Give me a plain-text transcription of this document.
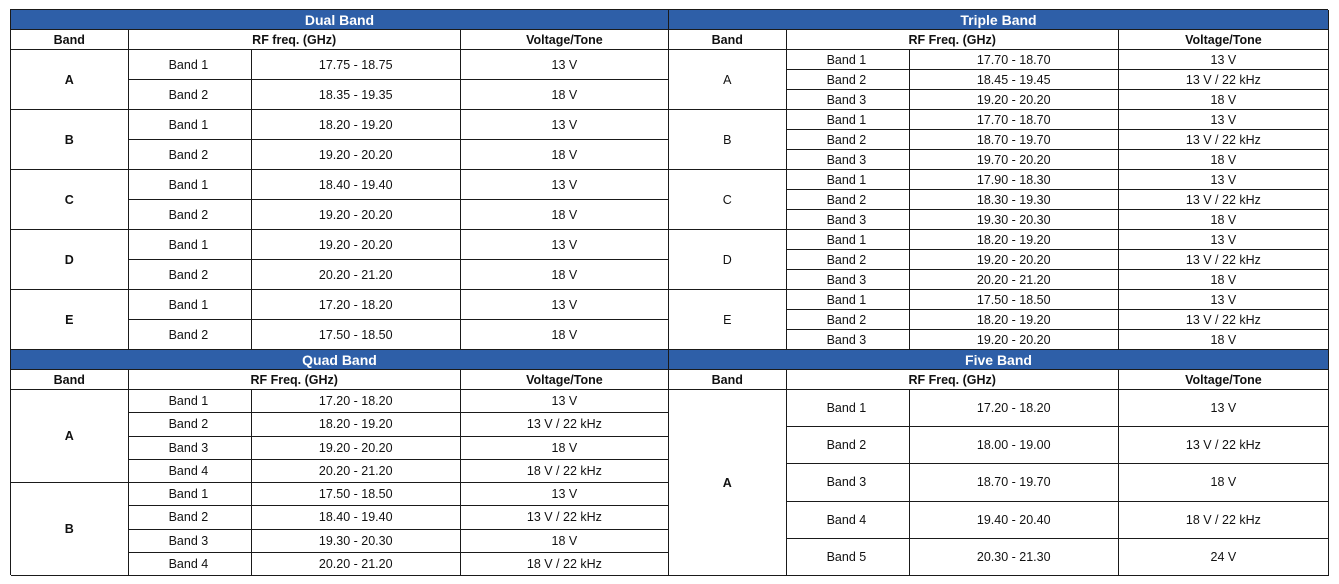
Dual Band			
Band	RF freq. (GHz)		Voltage/Tone
A	Band 1	17.75 - 18.75	13 V
	Band 2	18.35 - 19.35	18 V
B	Band 1	18.20 - 19.20	13 V
	Band 2	19.20 - 20.20	18 V
C	Band 1	18.40 - 19.40	13 V
	Band 2	19.20 - 20.20	18 V
D	Band 1	19.20 - 20.20	13 V
	Band 2	20.20 - 21.20	18 V
E	Band 1	17.20 - 18.20	13 V
	Band 2	17.50 - 18.50	18 V
Triple Band			
Band	RF Freq. (GHz)		Voltage/Tone
A	Band 1	17.70 - 18.70	13 V
	Band 2	18.45 - 19.45	13 V / 22 kHz
	Band 3	19.20 - 20.20	18 V
B	Band 1	17.70 - 18.70	13 V
	Band 2	18.70 - 19.70	13 V / 22 kHz
	Band 3	19.70 - 20.20	18 V
C	Band 1	17.90 - 18.30	13 V
	Band 2	18.30 - 19.30	13 V / 22 kHz
	Band 3	19.30 - 20.30	18 V
D	Band 1	18.20 - 19.20	13 V
	Band 2	19.20 - 20.20	13 V / 22 kHz
	Band 3	20.20 - 21.20	18 V
E	Band 1	17.50 - 18.50	13 V
	Band 2	18.20 - 19.20	13 V / 22 kHz
	Band 3	19.20 - 20.20	18 V
Quad Band			
Band	RF Freq. (GHz)		Voltage/Tone
A	Band 1	17.20 - 18.20	13 V
	Band 2	18.20 - 19.20	13 V / 22 kHz
	Band 3	19.20 - 20.20	18 V
	Band 4	20.20 - 21.20	18 V / 22 kHz
B	Band 1	17.50 - 18.50	13 V
	Band 2	18.40 - 19.40	13 V / 22 kHz
	Band 3	19.30 - 20.30	18 V
	Band 4	20.20 - 21.20	18 V / 22 kHz
Five Band			
Band	RF Freq. (GHz)		Voltage/Tone
A	Band 1	17.20 - 18.20	13 V
	Band 2	18.00 - 19.00	13 V / 22 kHz
	Band 3	18.70 - 19.70	18 V
	Band 4	19.40 - 20.40	18 V / 22 kHz
	Band 5	20.30 - 21.30	24 V
